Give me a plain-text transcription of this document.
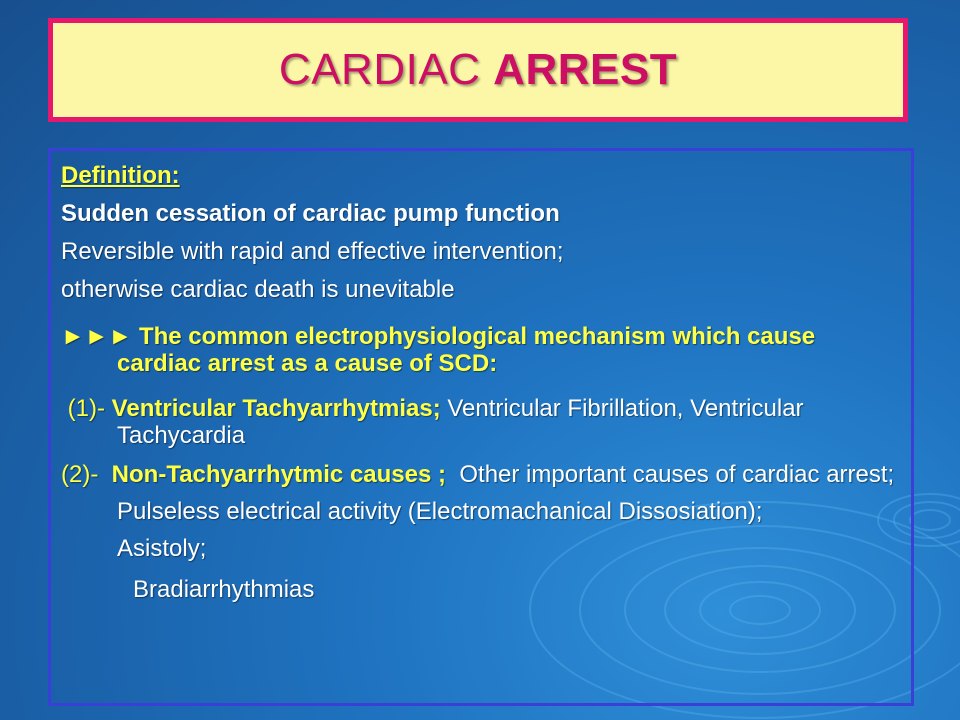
CARDIAC ARREST
Definition:
Sudden cessation of cardiac pump function
Reversible with rapid and effective intervention;
otherwise cardiac death is unevitable
►►► The common electrophysiological mechanism which cause cardiac arrest as a cause of SCD:
(1)- Ventricular Tachyarrhytmias; Ventricular Fibrillation, Ventricular Tachycardia
(2)- Non-Tachyarrhytmic causes ; Other important causes of cardiac arrest;
Pulseless electrical activity (Electromachanical Dissosiation);
Asistoly;
Bradiarrhythmias
